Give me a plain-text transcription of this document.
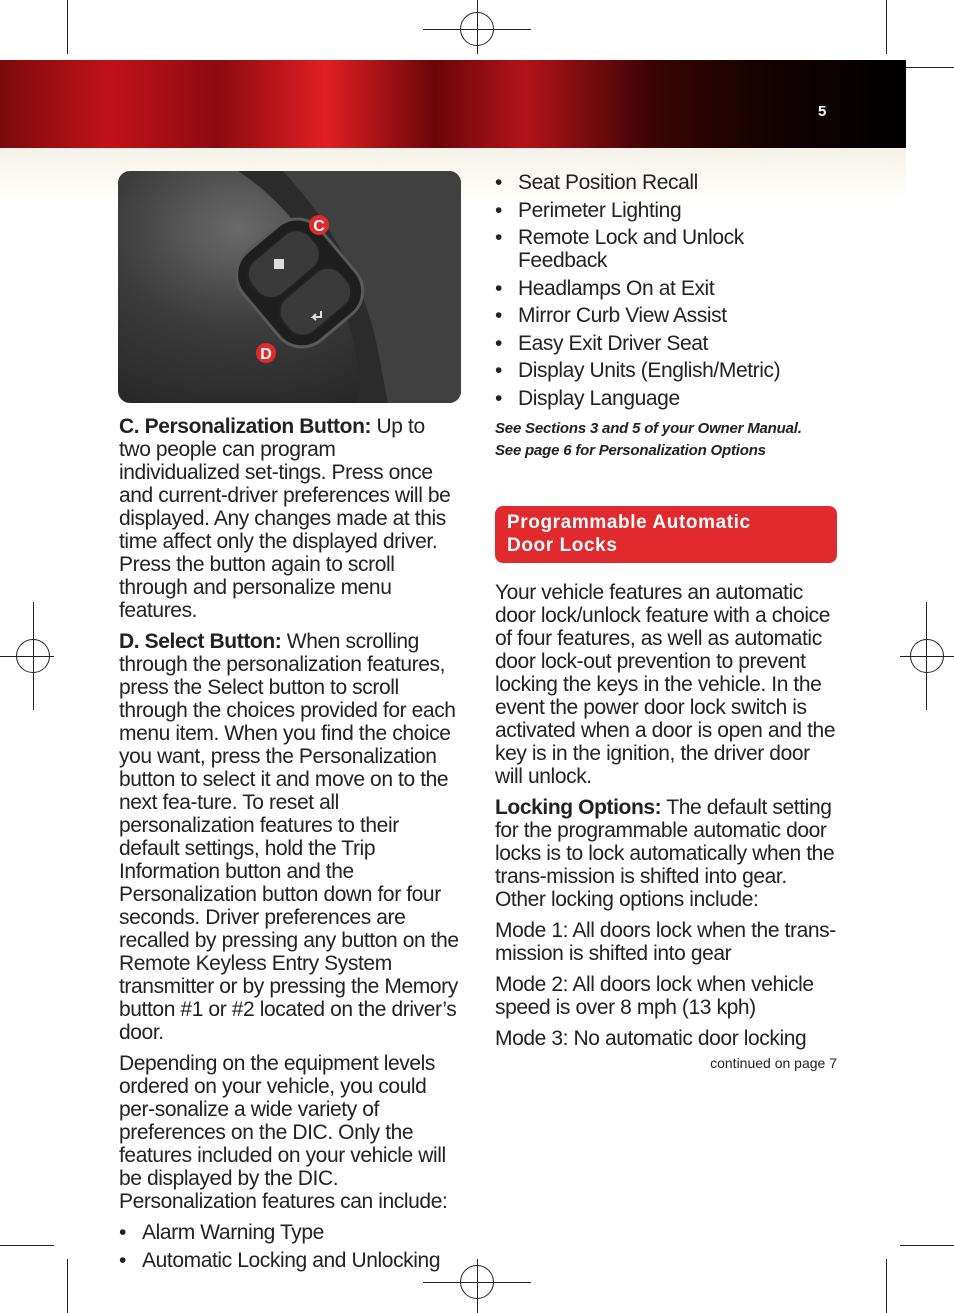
5
C
D

C. Personalization Button: Up to two people can program individualized set-tings. Press once and current-driver preferences will be displayed. Any changes made at this time affect only the displayed driver. Press the button again to scroll through and personalize menu features.

D. Select Button: When scrolling through the personalization features, press the Select button to scroll through the choices provided for each menu item. When you find the choice you want, press the Personalization button to select it and move on to the next fea-ture. To reset all personalization features to their default settings, hold the Trip Information button and the Personalization button down for four seconds. Driver preferences are recalled by pressing any button on the Remote Keyless Entry System transmitter or by pressing the Memory button #1 or #2 located on the driver’s door.

Depending on the equipment levels ordered on your vehicle, you could per-sonalize a wide variety of preferences on the DIC. Only the features included on your vehicle will be displayed by the DIC. Personalization features can include:

• Alarm Warning Type
• Automatic Locking and Unlocking
• Seat Position Recall
• Perimeter Lighting
• Remote Lock and Unlock Feedback
• Headlamps On at Exit
• Mirror Curb View Assist
• Easy Exit Driver Seat
• Display Units (English/Metric)
• Display Language
See Sections 3 and 5 of your Owner Manual.
See page 6 for Personalization Options
Programmable Automatic
Door Locks

Your vehicle features an automatic door lock/unlock feature with a choice of four features, as well as automatic door lock-out prevention to prevent locking the keys in the vehicle. In the event the power door lock switch is activated when a door is open and the key is in the ignition, the driver door will unlock.

Locking Options: The default setting for the programmable automatic door locks is to lock automatically when the trans-mission is shifted into gear. Other locking options include:

Mode 1: All doors lock when the trans-mission is shifted into gear

Mode 2: All doors lock when vehicle speed is over 8 mph (13 kph)

Mode 3: No automatic door locking

continued on page 7
